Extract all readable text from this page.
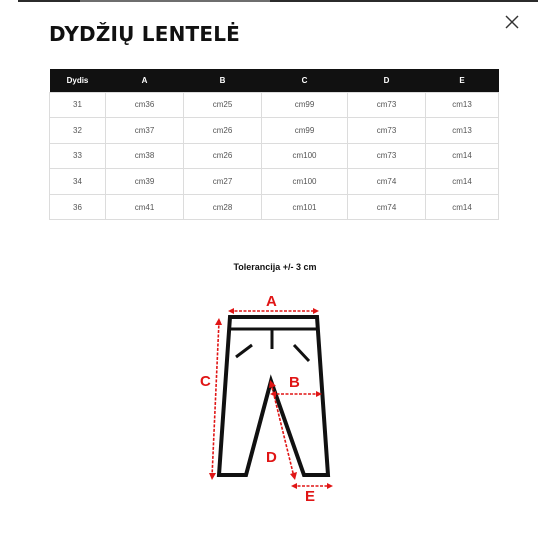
DYDŽIŲ LENTELĖ
Dydis	A	B	C	D	E
31	cm36	cm25	cm99	cm73	cm13
32	cm37	cm26	cm99	cm73	cm13
33	cm38	cm26	cm100	cm73	cm14
34	cm39	cm27	cm100	cm74	cm14
36	cm41	cm28	cm101	cm74	cm14
Tolerancija +/- 3 cm
A
C	B
D
E
